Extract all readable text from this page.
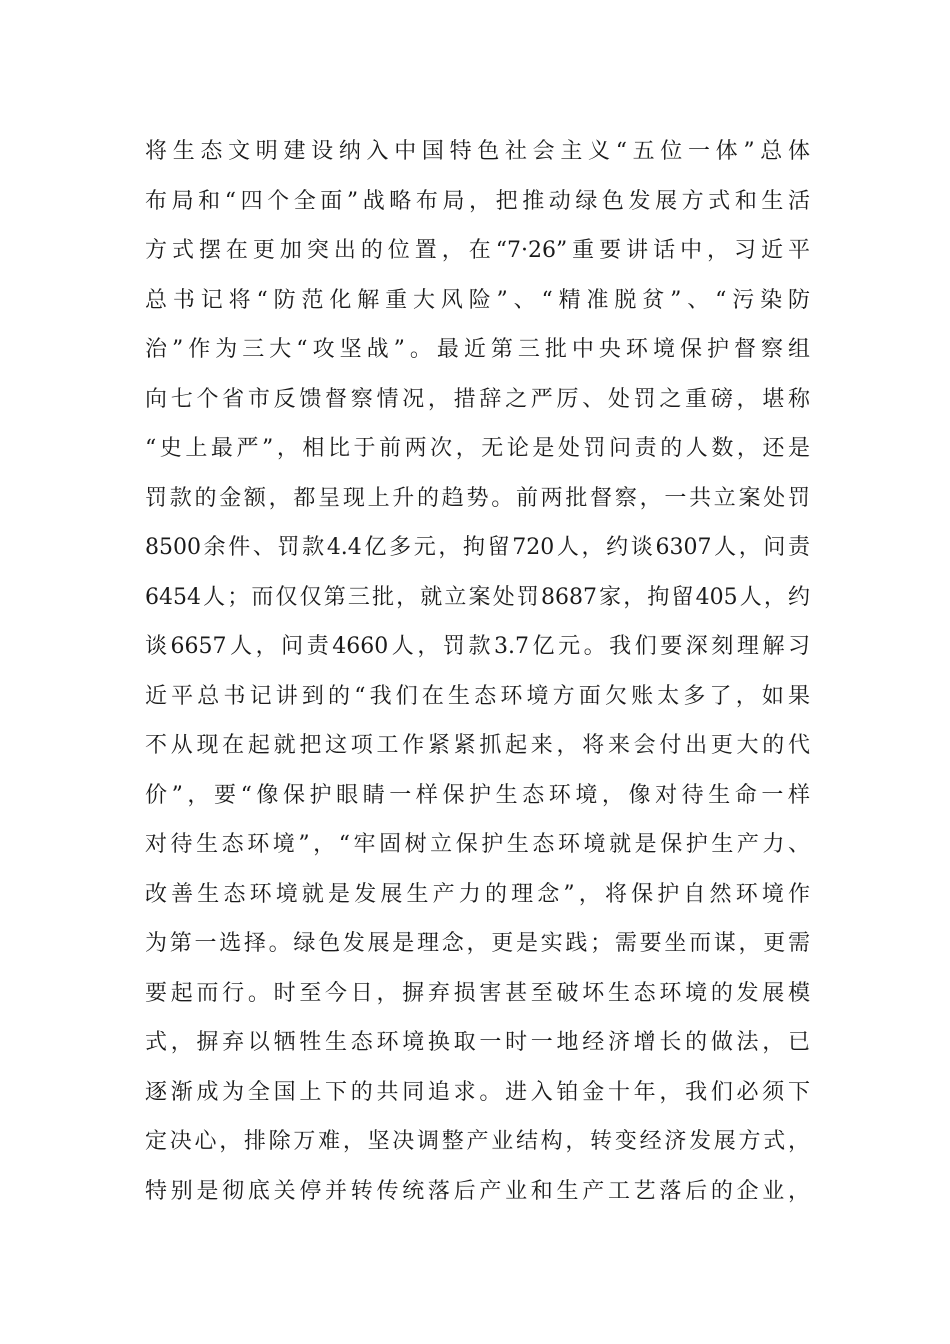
将生态文明建设纳入中国特色社会主义“五位一体”总体
布局和“四个全面”战略布局，把推动绿色发展方式和生活
方式摆在更加突出的位置，在“7·26”重要讲话中，习近平
总书记将“防范化解重大风险”、“精准脱贫”、“污染防
治”作为三大“攻坚战”。最近第三批中央环境保护督察组
向七个省市反馈督察情况，措辞之严厉、处罚之重磅，堪称
“史上最严”，相比于前两次，无论是处罚问责的人数，还是
罚款的金额，都呈现上升的趋势。前两批督察，一共立案处罚
8500余件、罚款4.4亿多元，拘留720人，约谈6307人，问责
6454人；而仅仅第三批，就立案处罚8687家，拘留405人，约
谈6657人，问责4660人，罚款3.7亿元。我们要深刻理解习
近平总书记讲到的“我们在生态环境方面欠账太多了，如果
不从现在起就把这项工作紧紧抓起来，将来会付出更大的代
价”，要“像保护眼睛一样保护生态环境，像对待生命一样
对待生态环境”，“牢固树立保护生态环境就是保护生产力、
改善生态环境就是发展生产力的理念”，将保护自然环境作
为第一选择。绿色发展是理念，更是实践；需要坐而谋，更需
要起而行。时至今日，摒弃损害甚至破坏生态环境的发展模
式，摒弃以牺牲生态环境换取一时一地经济增长的做法，已
逐渐成为全国上下的共同追求。进入铂金十年，我们必须下
定决心，排除万难，坚决调整产业结构，转变经济发展方式，
特别是彻底关停并转传统落后产业和生产工艺落后的企业，
